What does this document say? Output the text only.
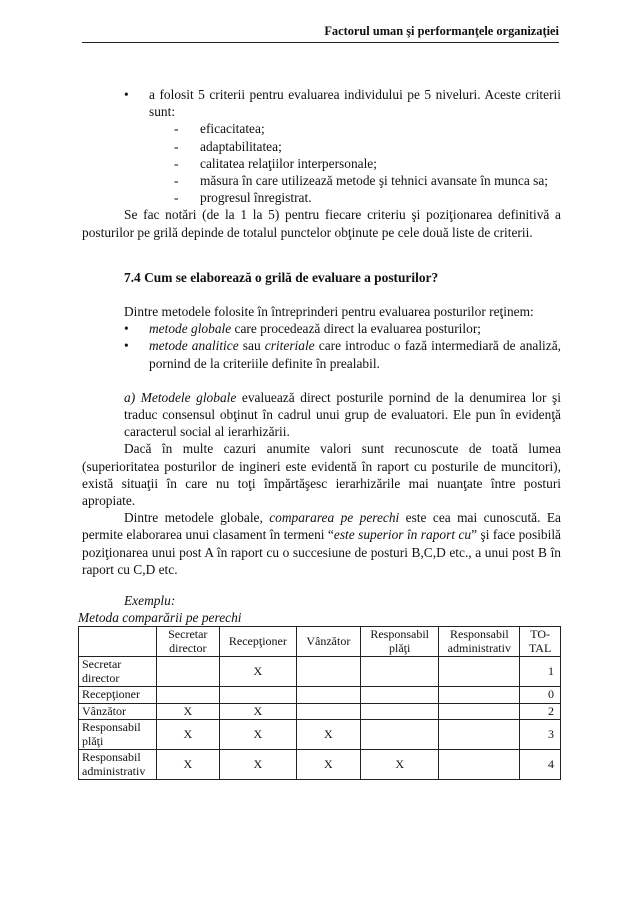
Factorul uman şi performanţele organizaţiei
• a folosit 5 criterii pentru evaluarea individului pe 5 niveluri. Aceste criterii sunt:
- eficacitatea;
- adaptabilitatea;
- calitatea relaţiilor interpersonale;
- măsura în care utilizează metode şi tehnici avansate în munca sa;
- progresul înregistrat.

Se fac notări (de la 1 la 5) pentru fiecare criteriu şi poziţionarea definitivă a posturilor pe grilă depinde de totalul punctelor obţinute pe cele două liste de criterii.

7.4 Cum se elaborează o grilă de evaluare a posturilor?

Dintre metodele folosite în întreprinderi pentru evaluarea posturilor reţinem:

• metode globale care procedează direct la evaluarea posturilor;
• metode analitice sau criteriale care introduc o fază intermediară de analiză, pornind de la criteriile definite în prealabil.
a) Metodele globale evaluează direct posturile pornind de la denumirea lor şi traduc consensul obţinut în cadrul unui grup de evaluatori. Ele pun în evidenţă caracterul social al ierarhizării.

Dacă în multe cazuri anumite valori sunt recunoscute de toată lumea (superioritatea posturilor de ingineri este evidentă în raport cu posturile de muncitori), există situaţii în care nu toţi împărtăşesc ierarhizările mai nuanţate între posturi apropiate.

Dintre metodele globale, compararea pe perechi este cea mai cunoscută. Ea permite elaborarea unui clasament în termeni “este superior în raport cu” şi face posibilă poziţionarea unui post A în raport cu o succesiune de posturi B,C,D etc., a unui post B în raport cu C,D etc.

Exemplu:
Metoda comparării pe perechi
	Secretar director	Recepţioner	Vânzător	Responsabil plăţi	Responsabil administrativ	TO-TAL
Secretar director		X				1
Recepţioner						0
Vânzător	X	X				2
Responsabil plăţi	X	X	X			3
Responsabil administrativ	X	X	X	X		4
